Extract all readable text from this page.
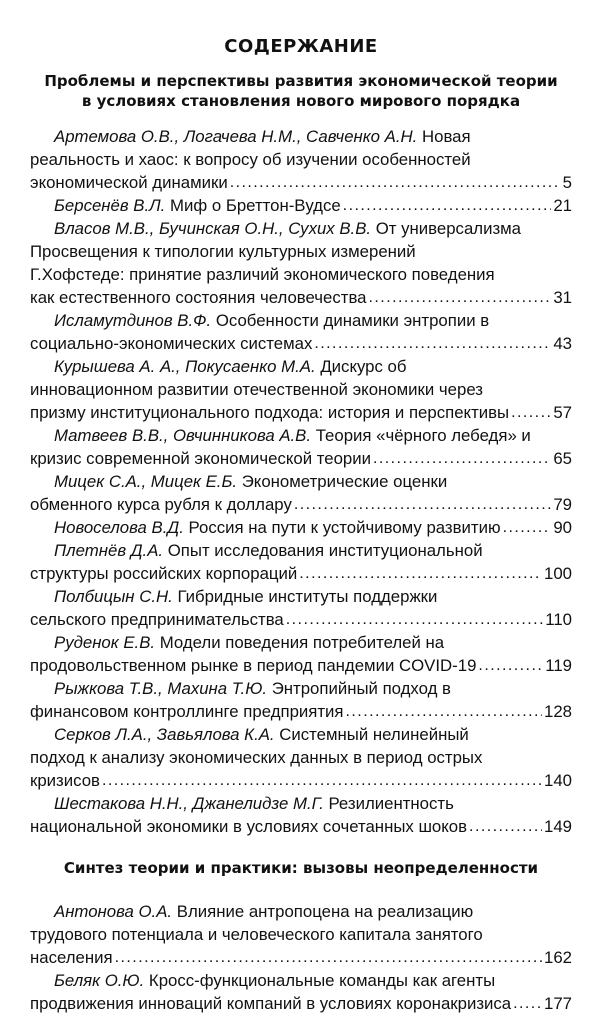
СОДЕРЖАНИЕ
Проблемы и перспективы развития экономической теории в условиях становления нового мирового порядка
Артемова О.В., Логачева Н.М., Савченко А.Н. Новая
реальность и хаос: к вопросу об изучении особенностей
экономической динамики . . .	5
Берсенёв В.Л. Миф о Бреттон-Вудсе . . .	21
Власов М.В., Бучинская О.Н., Сухих В.В. От универсализма
Просвещения к типологии культурных измерений
Г.Хофстеде: принятие различий экономического поведения
как естественного состояния человечества . . .	31
Исламутдинов В.Ф. Особенности динамики энтропии в
социально-экономических системах . . .	43
Курышева А. А., Покусаенко М.А. Дискурс об
инновационном развитии отечественной экономики через
призму институционального подхода: история и перспективы . . .	57
Матвеев В.В., Овчинникова А.В. Теория «чёрного лебедя» и
кризис современной экономической теории . . .	65
Мицек С.А., Мицек Е.Б. Эконометрические оценки
обменного курса рубля к доллару . . .	79
Новоселова В.Д. Россия на пути к устойчивому развитию . . .	90
Плетнёв Д.А. Опыт исследования институциональной
структуры российских корпораций . . .	100
Полбицын С.Н. Гибридные институты поддержки
сельского предпринимательства . . .	110
Руденок Е.В. Модели поведения потребителей на
продовольственном рынке в период пандемии COVID-19 . . .	119
Рыжкова Т.В., Махина Т.Ю. Энтропийный подход в
финансовом контроллинге предприятия . . .	128
Серков Л.А., Завьялова К.А. Системный нелинейный
подход к анализу экономических данных в период острых
кризисов . . .	140
Шестакова Н.Н., Джанелидзе М.Г. Резилиентность
национальной экономики в условиях сочетанных шоков . . .	149
Синтез теории и практики: вызовы неопределенности
Антонова О.А. Влияние антропоцена на реализацию
трудового потенциала и человеческого капитала занятого
населения . . .	162
Беляк О.Ю. Кросс-функциональные команды как агенты
продвижения инноваций компаний в условиях коронакризиса . . . 177
